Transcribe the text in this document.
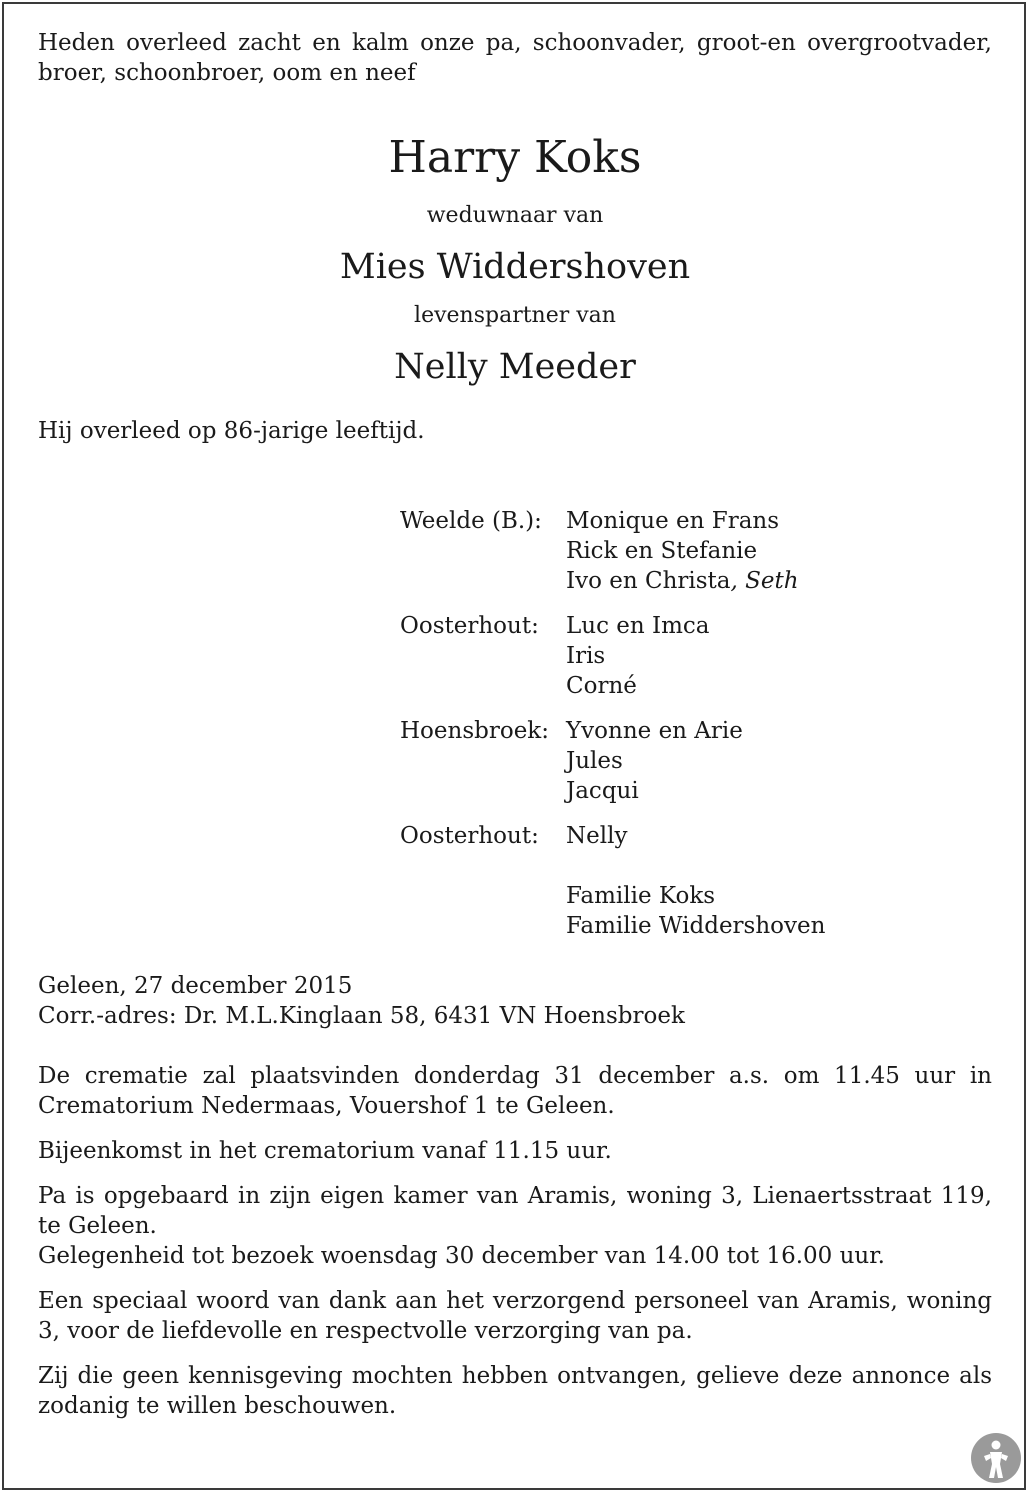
Heden overleed zacht en kalm onze pa, schoonvader, groot-en overgrootvader, broer, schoonbroer, oom en neef

Harry Koks
weduwnaar van
Mies Widdershoven
levenspartner van
Nelly Meeder

Hij overleed op 86-jarige leeftijd.

Weelde (B.):	Monique en Frans
Rick en Stefanie
Ivo en Christa, Seth
Oosterhout:	Luc en Imca
Iris
Corné
Hoensbroek: Yvonne en Arie
Jules
Jacqui
Oosterhout:	Nelly
Familie Koks
Familie Widdershoven

Geleen, 27 december 2015

Corr.-adres: Dr. M.L.Kinglaan 58, 6431 VN Hoensbroek

De crematie zal plaatsvinden donderdag 31 december a.s. om 11.45 uur in Crematorium Nedermaas, Vouershof 1 te Geleen.

Bijeenkomst in het crematorium vanaf 11.15 uur.

Pa is opgebaard in zijn eigen kamer van Aramis, woning 3, Lienaertsstraat 119, te Geleen.

Gelegenheid tot bezoek woensdag 30 december van 14.00 tot 16.00 uur.

Een speciaal woord van dank aan het verzorgend personeel van Aramis, woning 3, voor de liefdevolle en respectvolle verzorging van pa.

Zij die geen kennisgeving mochten hebben ontvangen, gelieve deze annonce als zodanig te willen beschouwen.
